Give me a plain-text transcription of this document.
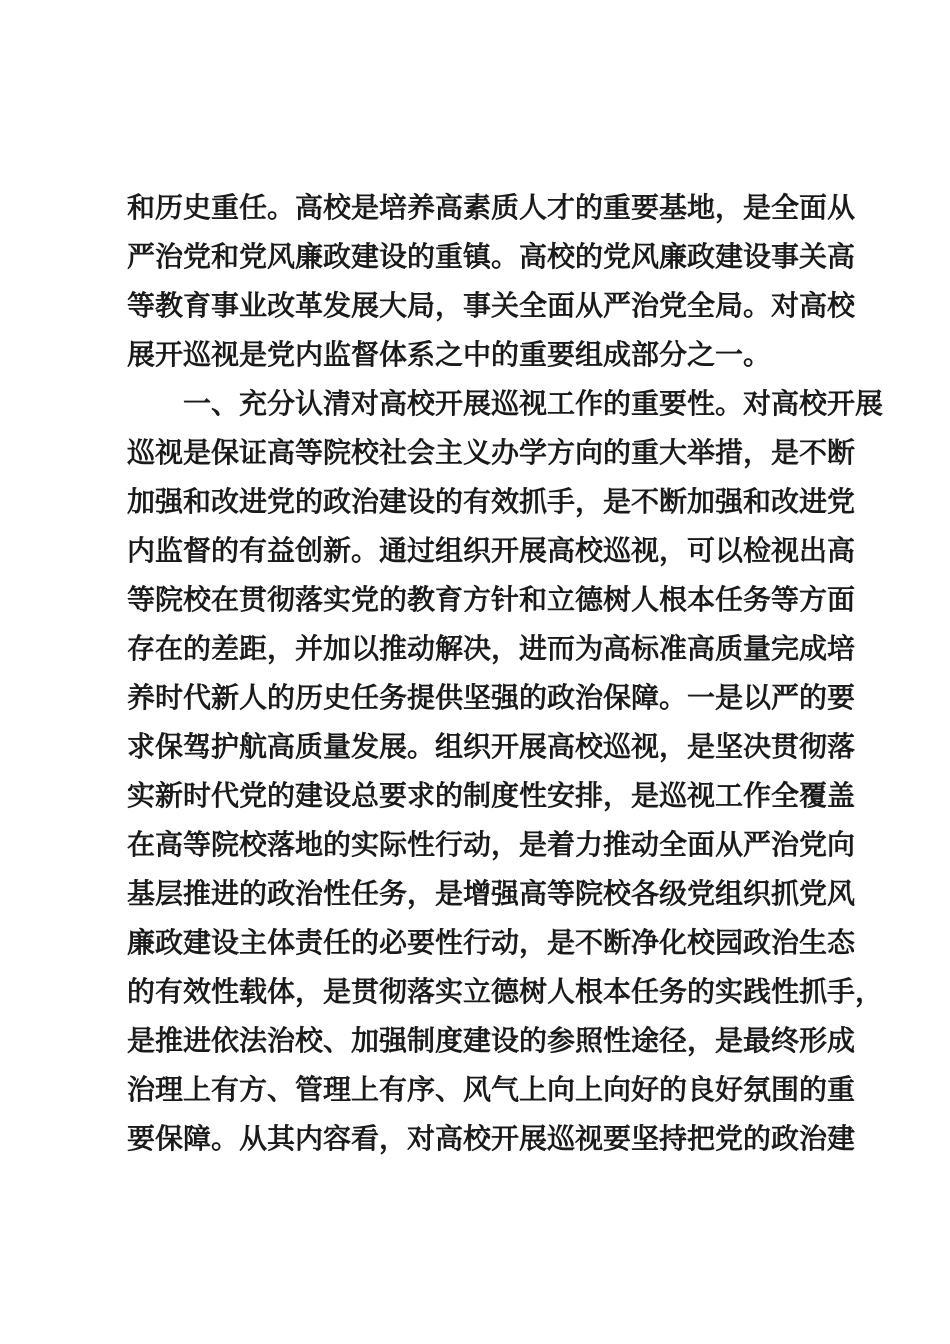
和历史重任。高校是培养高素质人才的重要基地，是全面从
严治党和党风廉政建设的重镇。高校的党风廉政建设事关高
等教育事业改革发展大局，事关全面从严治党全局。对高校
展开巡视是党内监督体系之中的重要组成部分之一。
　　一、充分认清对高校开展巡视工作的重要性。对高校开展
巡视是保证高等院校社会主义办学方向的重大举措，是不断
加强和改进党的政治建设的有效抓手，是不断加强和改进党
内监督的有益创新。通过组织开展高校巡视，可以检视出高
等院校在贯彻落实党的教育方针和立德树人根本任务等方面
存在的差距，并加以推动解决，进而为高标准高质量完成培
养时代新人的历史任务提供坚强的政治保障。一是以严的要
求保驾护航高质量发展。组织开展高校巡视，是坚决贯彻落
实新时代党的建设总要求的制度性安排，是巡视工作全覆盖
在高等院校落地的实际性行动，是着力推动全面从严治党向
基层推进的政治性任务，是增强高等院校各级党组织抓党风
廉政建设主体责任的必要性行动，是不断净化校园政治生态
的有效性载体，是贯彻落实立德树人根本任务的实践性抓手，
是推进依法治校、加强制度建设的参照性途径，是最终形成
治理上有方、管理上有序、风气上向上向好的良好氛围的重
要保障。从其内容看，对高校开展巡视要坚持把党的政治建
